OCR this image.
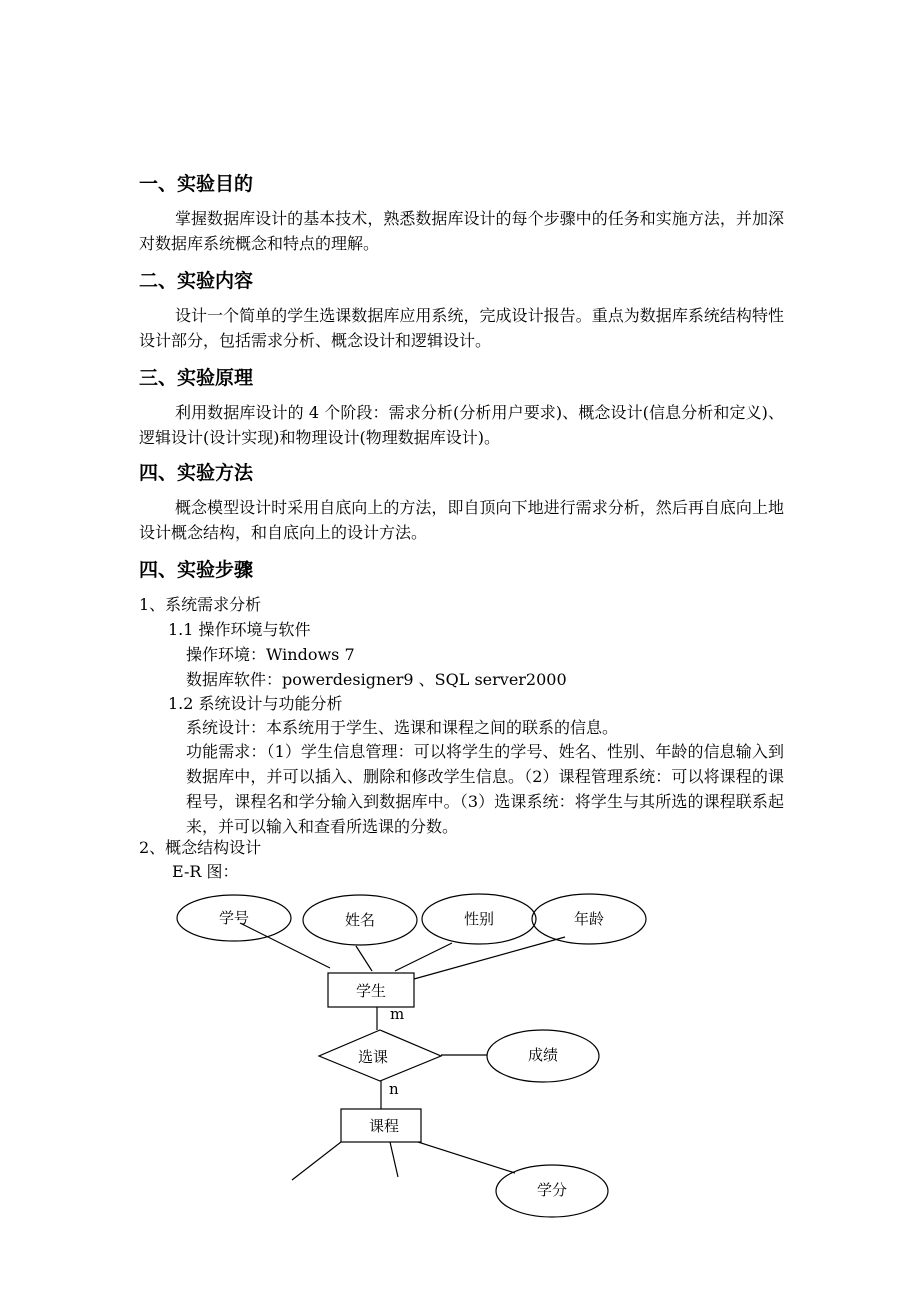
一、实验目的

掌握数据库设计的基本技术，熟悉数据库设计的每个步骤中的任务和实施方法，并加深对数据库系统概念和特点的理解。

二、实验内容

设计一个简单的学生选课数据库应用系统，完成设计报告。重点为数据库系统结构特性设计部分，包括需求分析、概念设计和逻辑设计。

三、实验原理

利用数据库设计的 4 个阶段：需求分析(分析用户要求)、概念设计(信息分析和定义)、逻辑设计(设计实现)和物理设计(物理数据库设计)。

四、实验方法

概念模型设计时采用自底向上的方法，即自顶向下地进行需求分析，然后再自底向上地设计概念结构，和自底向上的设计方法。

四、实验步骤
1、系统需求分析
1.1 操作环境与软件
操作环境：Windows 7
数据库软件：powerdesigner9 、SQL server2000
1.2 系统设计与功能分析
系统设计：本系统用于学生、选课和课程之间的联系的信息。

功能需求：（1）学生信息管理：可以将学生的学号、姓名、性别、年龄的信息输入到数据库中，并可以插入、删除和修改学生信息。（2）课程管理系统：可以将课程的课程号，课程名和学分输入到数据库中。（3）选课系统：将学生与其所选的课程联系起来，并可以输入和查看所选课的分数。

2、概念结构设计
E-R 图：
学号	姓名	性别	年龄
学生
m
选课	成绩
n
课程
学分
